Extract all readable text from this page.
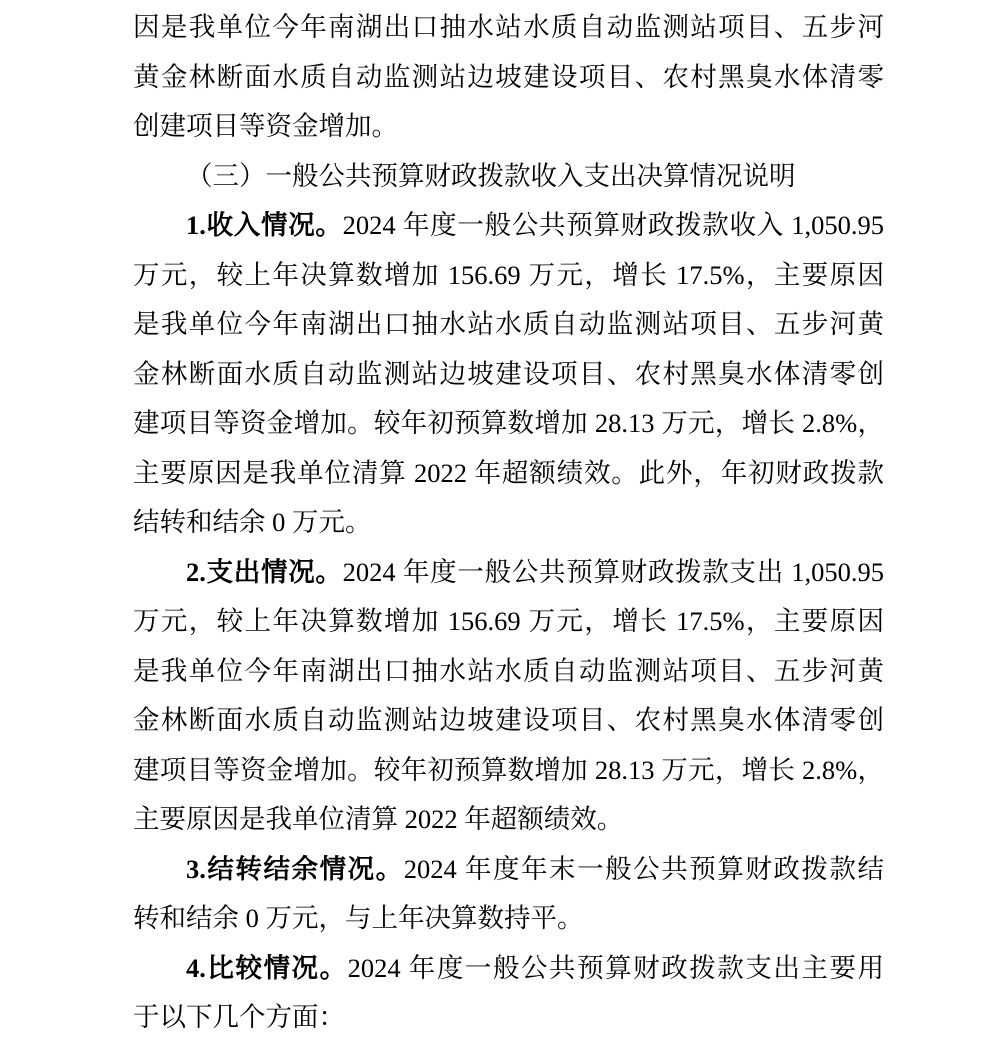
因是我单位今年南湖出口抽水站水质自动监测站项目、五步河
黄金林断面水质自动监测站边坡建设项目、农村黑臭水体清零
创建项目等资金增加。
（三）一般公共预算财政拨款收入支出决算情况说明
1.收入情况。2024 年度一般公共预算财政拨款收入 1,050.95
万元，较上年决算数增加 156.69 万元，增长 17.5%，主要原因
是我单位今年南湖出口抽水站水质自动监测站项目、五步河黄
金林断面水质自动监测站边坡建设项目、农村黑臭水体清零创
建项目等资金增加。较年初预算数增加 28.13 万元，增长 2.8%，
主要原因是我单位清算 2022 年超额绩效。此外，年初财政拨款
结转和结余 0 万元。
2.支出情况。2024 年度一般公共预算财政拨款支出 1,050.95
万元，较上年决算数增加 156.69 万元，增长 17.5%，主要原因
是我单位今年南湖出口抽水站水质自动监测站项目、五步河黄
金林断面水质自动监测站边坡建设项目、农村黑臭水体清零创
建项目等资金增加。较年初预算数增加 28.13 万元，增长 2.8%，
主要原因是我单位清算 2022 年超额绩效。
3.结转结余情况。2024 年度年末一般公共预算财政拨款结
转和结余 0 万元，与上年决算数持平。
4.比较情况。2024 年度一般公共预算财政拨款支出主要用
于以下几个方面：
